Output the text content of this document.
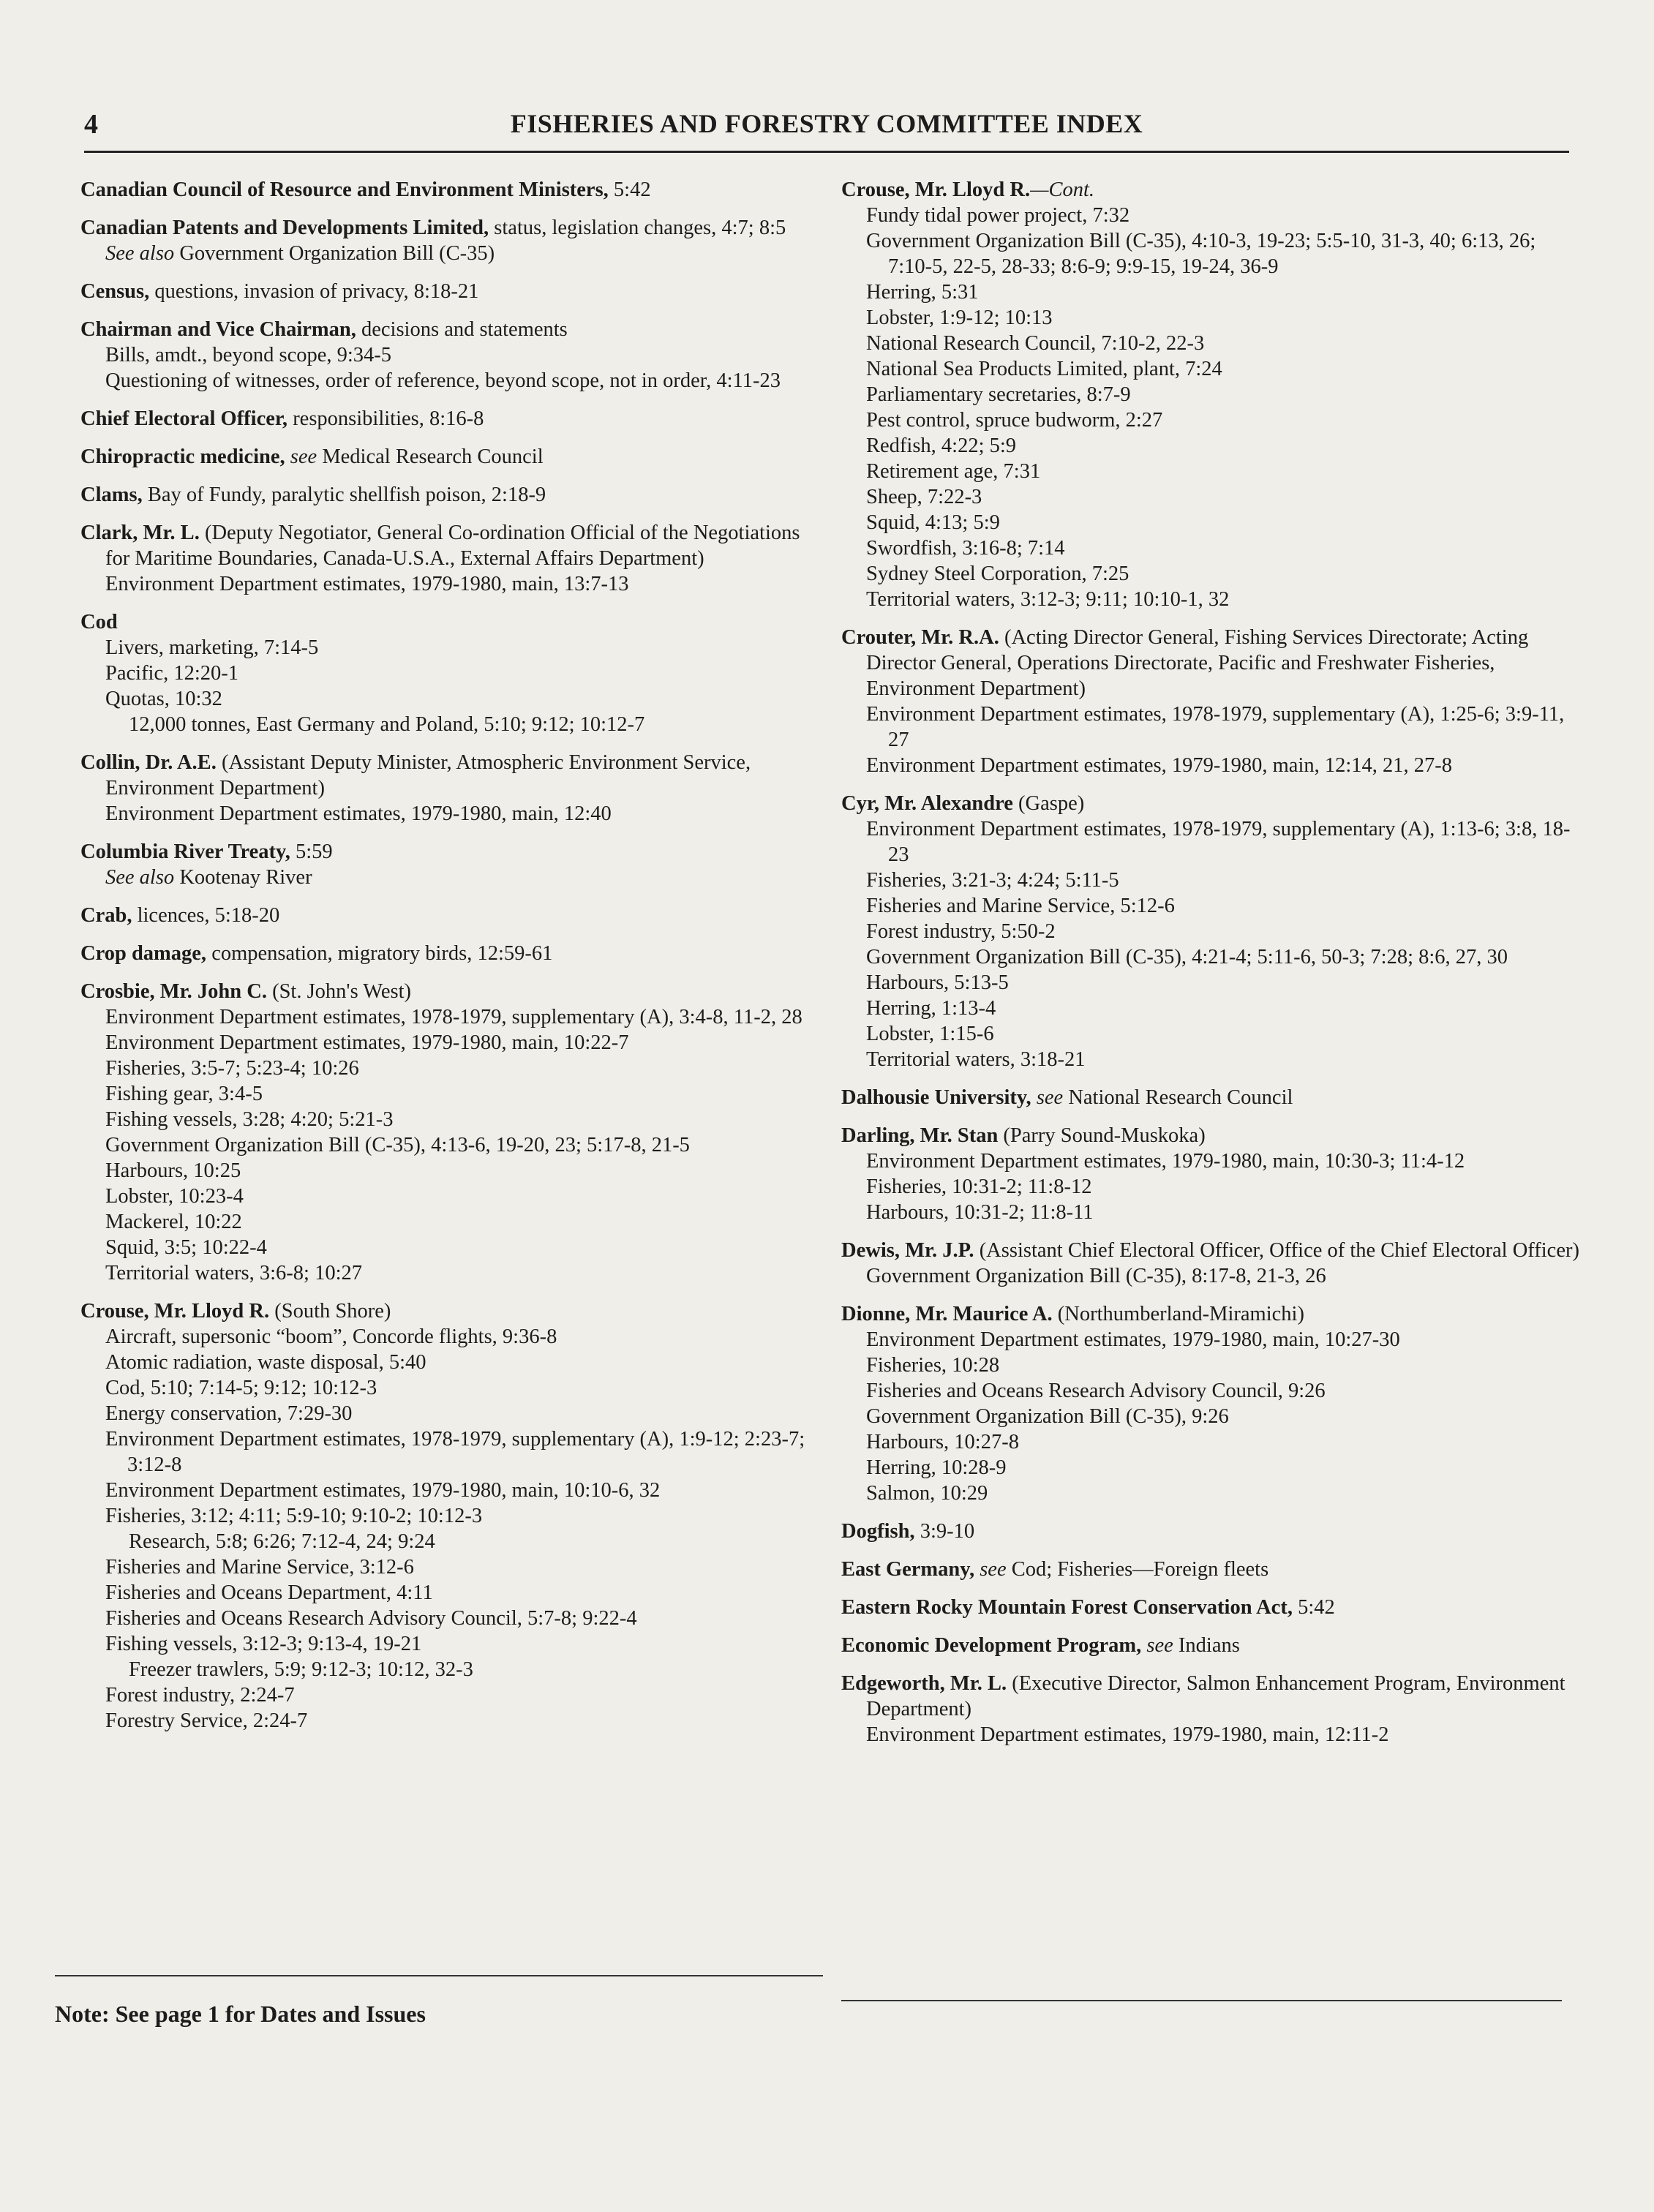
4	FISHERIES AND FORESTRY COMMITTEE INDEX
Canadian Council of Resource and Environment Ministers, 5:42
Canadian Patents and Developments Limited, status, legislation changes, 4:7; 8:5
See also Government Organization Bill (C-35)
Census, questions, invasion of privacy, 8:18-21
Chairman and Vice Chairman, decisions and statements
Bills, amdt., beyond scope, 9:34-5
Questioning of witnesses, order of reference, beyond scope, not in order, 4:11-23
Chief Electoral Officer, responsibilities, 8:16-8
Chiropractic medicine, see Medical Research Council
Clams, Bay of Fundy, paralytic shellfish poison, 2:18-9
Clark, Mr. L. (Deputy Negotiator, General Co-ordination Official of the Negotiations for Maritime Boundaries, Canada-U.S.A., External Affairs Department)
Environment Department estimates, 1979-1980, main, 13:7-13
Cod
Livers, marketing, 7:14-5
Pacific, 12:20-1
Quotas, 10:32
12,000 tonnes, East Germany and Poland, 5:10; 9:12; 10:12-7
Collin, Dr. A.E. (Assistant Deputy Minister, Atmospheric Environment Service, Environment Department)
Environment Department estimates, 1979-1980, main, 12:40
Columbia River Treaty, 5:59
See also Kootenay River
Crab, licences, 5:18-20
Crop damage, compensation, migratory birds, 12:59-61
Crosbie, Mr. John C. (St. John's West)
Environment Department estimates, 1978-1979, supplementary (A), 3:4-8, 11-2, 28
Environment Department estimates, 1979-1980, main, 10:22-7
Fisheries, 3:5-7; 5:23-4; 10:26
Fishing gear, 3:4-5
Fishing vessels, 3:28; 4:20; 5:21-3
Government Organization Bill (C-35), 4:13-6, 19-20, 23; 5:17-8, 21-5
Harbours, 10:25
Lobster, 10:23-4
Mackerel, 10:22
Squid, 3:5; 10:22-4
Territorial waters, 3:6-8; 10:27
Crouse, Mr. Lloyd R. (South Shore)
Aircraft, supersonic “boom”, Concorde flights, 9:36-8
Atomic radiation, waste disposal, 5:40
Cod, 5:10; 7:14-5; 9:12; 10:12-3
Energy conservation, 7:29-30
Environment Department estimates, 1978-1979, supplementary (A), 1:9-12; 2:23-7; 3:12-8
Environment Department estimates, 1979-1980, main, 10:10-6, 32
Fisheries, 3:12; 4:11; 5:9-10; 9:10-2; 10:12-3
Research, 5:8; 6:26; 7:12-4, 24; 9:24
Fisheries and Marine Service, 3:12-6
Fisheries and Oceans Department, 4:11
Fisheries and Oceans Research Advisory Council, 5:7-8; 9:22-4
Fishing vessels, 3:12-3; 9:13-4, 19-21
Freezer trawlers, 5:9; 9:12-3; 10:12, 32-3
Forest industry, 2:24-7
Forestry Service, 2:24-7
Crouse, Mr. Lloyd R.—Cont.
Fundy tidal power project, 7:32
Government Organization Bill (C-35), 4:10-3, 19-23; 5:5-10, 31-3, 40; 6:13, 26; 7:10-5, 22-5, 28-33; 8:6-9; 9:9-15, 19-24, 36-9
Herring, 5:31
Lobster, 1:9-12; 10:13
National Research Council, 7:10-2, 22-3
National Sea Products Limited, plant, 7:24
Parliamentary secretaries, 8:7-9
Pest control, spruce budworm, 2:27
Redfish, 4:22; 5:9
Retirement age, 7:31
Sheep, 7:22-3
Squid, 4:13; 5:9
Swordfish, 3:16-8; 7:14
Sydney Steel Corporation, 7:25
Territorial waters, 3:12-3; 9:11; 10:10-1, 32
Crouter, Mr. R.A. (Acting Director General, Fishing Services Directorate; Acting Director General, Operations Directorate, Pacific and Freshwater Fisheries, Environment Department)
Environment Department estimates, 1978-1979, supplementary (A), 1:25-6; 3:9-11, 27
Environment Department estimates, 1979-1980, main, 12:14, 21, 27-8
Cyr, Mr. Alexandre (Gaspe)
Environment Department estimates, 1978-1979, supplementary (A), 1:13-6; 3:8, 18-23
Fisheries, 3:21-3; 4:24; 5:11-5
Fisheries and Marine Service, 5:12-6
Forest industry, 5:50-2
Government Organization Bill (C-35), 4:21-4; 5:11-6, 50-3; 7:28; 8:6, 27, 30
Harbours, 5:13-5
Herring, 1:13-4
Lobster, 1:15-6
Territorial waters, 3:18-21
Dalhousie University, see National Research Council
Darling, Mr. Stan (Parry Sound-Muskoka)
Environment Department estimates, 1979-1980, main, 10:30-3; 11:4-12
Fisheries, 10:31-2; 11:8-12
Harbours, 10:31-2; 11:8-11
Dewis, Mr. J.P. (Assistant Chief Electoral Officer, Office of the Chief Electoral Officer)
Government Organization Bill (C-35), 8:17-8, 21-3, 26
Dionne, Mr. Maurice A. (Northumberland-Miramichi)
Environment Department estimates, 1979-1980, main, 10:27-30
Fisheries, 10:28
Fisheries and Oceans Research Advisory Council, 9:26
Government Organization Bill (C-35), 9:26
Harbours, 10:27-8
Herring, 10:28-9
Salmon, 10:29
Dogfish, 3:9-10
East Germany, see Cod; Fisheries—Foreign fleets
Eastern Rocky Mountain Forest Conservation Act, 5:42
Economic Development Program, see Indians
Edgeworth, Mr. L. (Executive Director, Salmon Enhancement Program, Environment Department)
Environment Department estimates, 1979-1980, main, 12:11-2
Note: See page 1 for Dates and Issues
